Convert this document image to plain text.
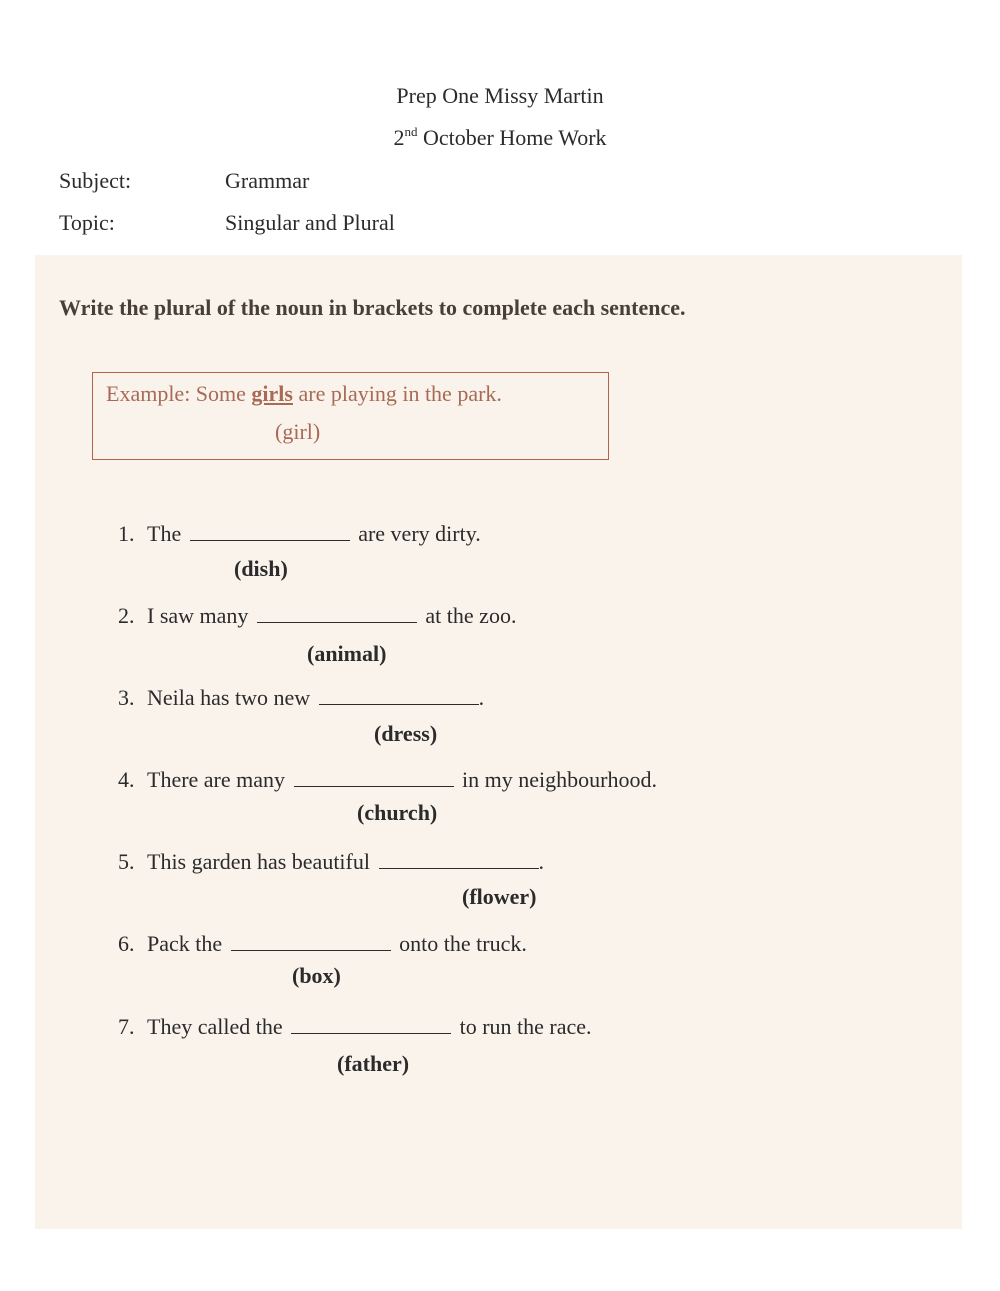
Prep One Missy Martin
2nd October Home Work
Subject:	Grammar
Topic:	Singular and Plural
Write the plural of the noun in brackets to complete each sentence.
Example: Some girls are playing in the park.
(girl)
1. The	are very dirty.
(dish)
2. I saw many	at the zoo.
(animal)
3. Neila has two new	.
(dress)
4. There are many	in my neighbourhood.
(church)
5. This garden has beautiful	.
(flower)
6. Pack the	onto the truck.
(box)
7. They called the	to run the race.
(father)
